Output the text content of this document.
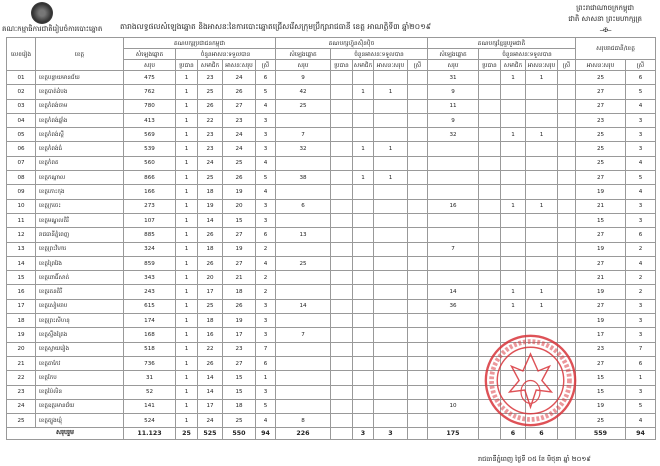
គណៈកម្មាធិការជាតិរៀបចំការបោះឆ្នោត តារាងលទ្ធផលសំឡេងឆ្នោត និងអាសនៈនៃការបោះឆ្នោតជ្រើសរើសក្រុមប្រឹក្សារាជធានី ខេត្ត អាណត្តិទី៣ ឆ្នាំ២០១៩
ព្រះរាជាណាចក្រកម្ពុជា
ជាតិ សាសនា ព្រះមហាក្សត្រ
---✠---
លេខរៀង	ខេត្ត	គណបក្សប្រជាជនកម្ពុជា					គណបក្សហ៊្វុនស៊ិនប៉ិច					គណបក្សខ្មែររួបរួមជាតិ					សរុបរាជធានី/ខេត្ត	
		សំឡេងឆ្នោត	ចំនួនអាសនៈទទួលបាន				សំឡេងឆ្នោត	ចំនួនអាសនៈទទួលបាន				សំឡេងឆ្នោត	ចំនួនអាសនៈទទួលបាន					
		សរុប	ប្រធាន	សមាជិក	អាសនៈសរុប	ស្រី	សរុប	ប្រធាន	សមាជិក	អាសនៈសរុប	ស្រី	សរុប	ប្រធាន	សមាជិក	អាសនៈសរុប	ស្រី	អាសនៈសរុប	ស្រី
01	ខេត្តបន្ទាយមានជ័យ	475	1	23	24	6	9					31		1	1		25	6
02	ខេត្តបាត់ដំបង	762	1	25	26	5	42		1	1		9					27	5
03	ខេត្តកំពង់ចាម	780	1	26	27	4	25					11					27	4
04	ខេត្តកំពង់ឆ្នាំង	413	1	22	23	3						9					23	3
05	ខេត្តកំពង់ស្ពឺ	569	1	23	24	3	7					32		1	1		25	3
06	ខេត្តកំពង់ធំ	539	1	23	24	3	32		1	1							25	3
07	ខេត្តកំពត	560	1	24	25	4											25	4
08	ខេត្តកណ្ដាល	866	1	25	26	5	38		1	1							27	5
09	ខេត្តកោះកុង	166	1	18	19	4											19	4
10	ខេត្តក្រចេះ	273	1	19	20	3	6					16		1	1		21	3
11	ខេត្តមណ្ឌលគិរី	107	1	14	15	3											15	3
12	រាជធានីភ្នំពេញ	885	1	26	27	6	13										27	6
13	ខេត្តព្រះវិហារ	324	1	18	19	2						7					19	2
14	ខេត្តព្រៃវែង	859	1	26	27	4	25										27	4
15	ខេត្តពោធិ៍សាត់	343	1	20	21	2											21	2
16	ខេត្តរតនគិរី	243	1	17	18	2						14		1	1		19	2
17	ខេត្តសៀមរាប	615	1	25	26	3	14					36		1	1		27	3
18	ខេត្តព្រះសីហនុ	174	1	18	19	3											19	3
19	ខេត្តស្ទឹងត្រែង	168	1	16	17	3	7										17	3
20	ខេត្តស្វាយរៀង	518	1	22	23	7											23	7
21	ខេត្តតាកែវ	736	1	26	27	6											27	6
22	ខេត្តកែប	31	1	14	15	1											15	1
23	ខេត្តប៉ៃលិន	52	1	14	15	3											15	3
24	ខេត្តឧត្ដរមានជ័យ	141	1	17	18	5						10					19	5
25	ខេត្តត្បូងឃ្មុំ	524	1	24	25	4	8										25	4
សរុបរួម		11.123	25	525	550	94	226		3	3		175		6	6		559	94
រាជធានីភ្នំពេញ ថ្ងៃទី ០៥ ខែ មិថុនា ឆ្នាំ ២០១៩
